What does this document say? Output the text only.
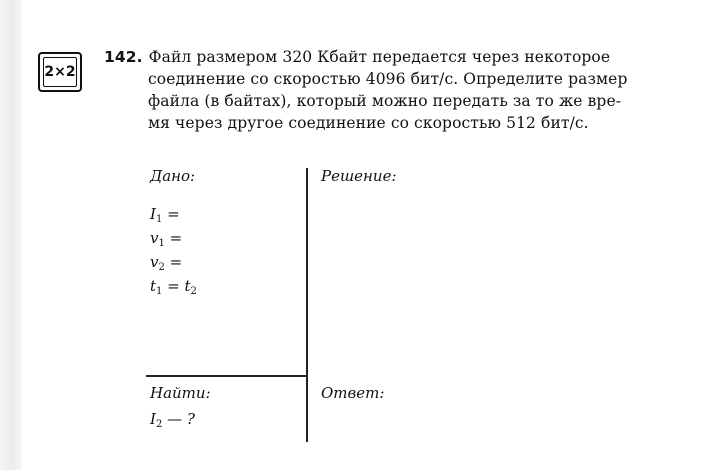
2×2
142. Файл размером 320 Кбайт передается через некоторое
соединение со скоростью 4096 бит/с. Определите размер
файла (в байтах), который можно передать за то же вре-
мя через другое соединение со скоростью 512 бит/с.
Дано:	Решение:
Найти:	Ответ:
$I_1$ =
$v_1$ =
$v_2$ =
$t_1 = t_2$
$I_2$ — ?
